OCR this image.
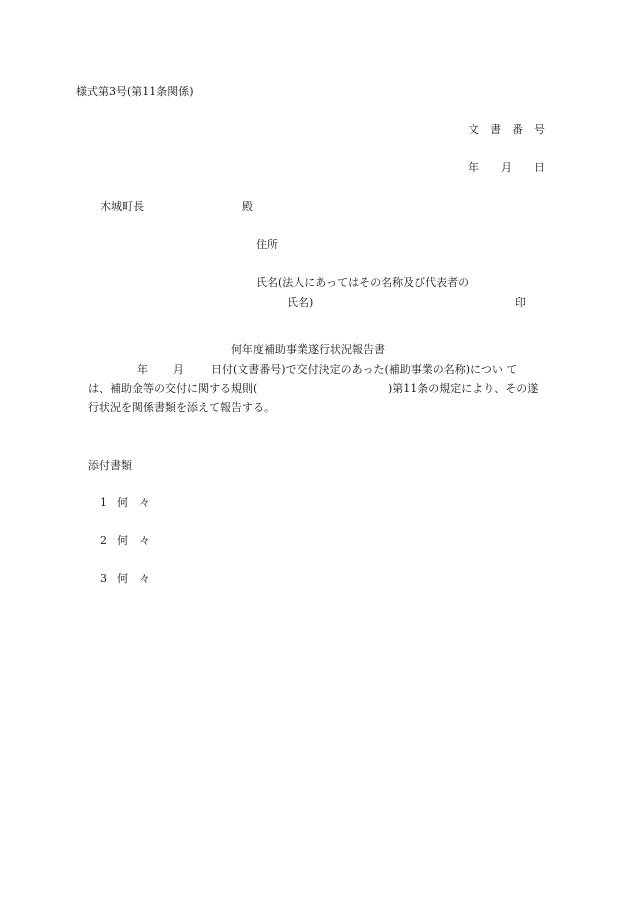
様式第3号(第11条関係)
文　書　番　号
年　　月　　日
木城町長	殿
住所
氏名(法人にあってはその名称及び代表者の
氏名)	印
何年度補助事業遂行状況報告書
年 月 日付(文書番号)で交付決定のあった(補助事業の名称)につい て
は、補助金等の交付に関する規則(	)第11条の規定により、その遂
行状況を関係書類を添えて報告する。
添付書類
1 何　々
2 何　々
3 何　々
